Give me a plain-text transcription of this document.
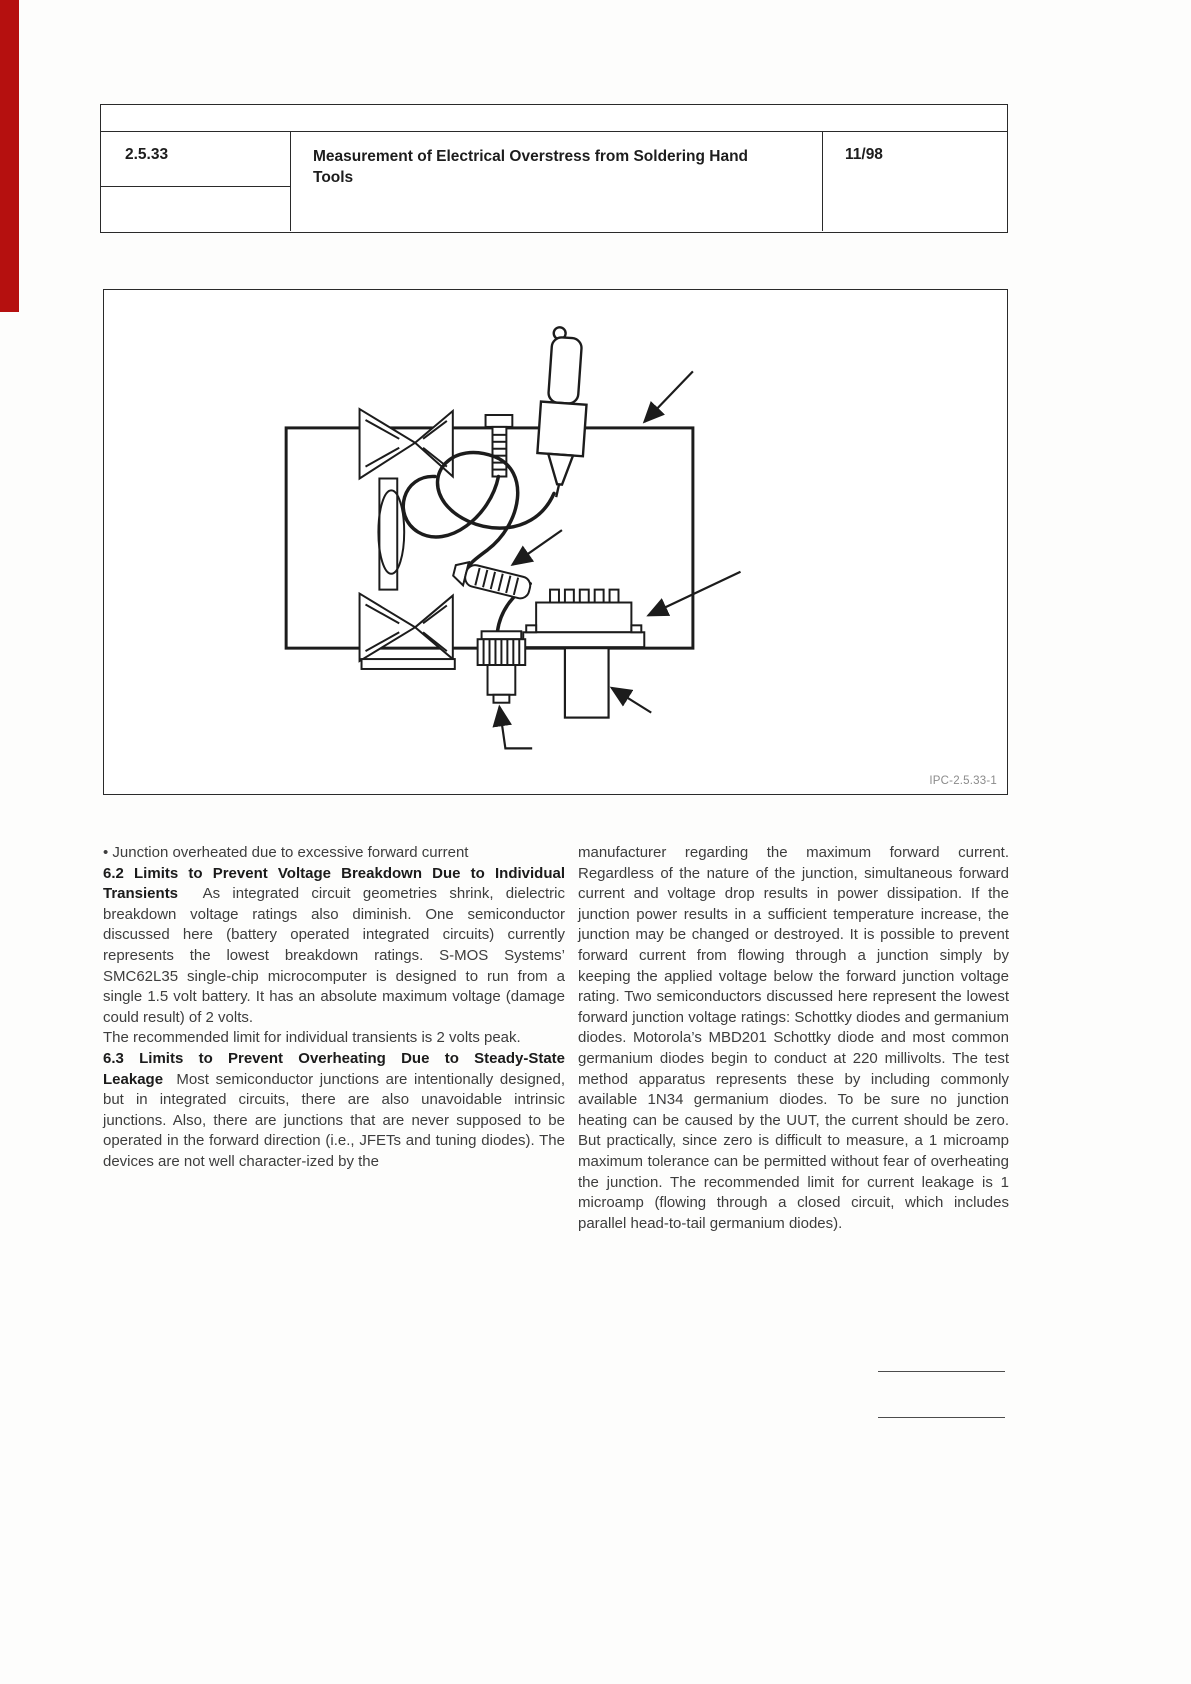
2.5.33	Measurement of Electrical Overstress from Soldering Hand Tools
11/98
IPC-2.5.33-1

• Junction overheated due to excessive forward current

6.2 Limits to Prevent Voltage Breakdown Due to Individual Transients As integrated circuit geometries shrink, dielectric breakdown voltage ratings also diminish. One semiconductor discussed here (battery operated integrated circuits) currently represents the lowest breakdown ratings. S-MOS Systems’ SMC62L35 single-chip microcomputer is designed to run from a single 1.5 volt battery. It has an absolute maximum voltage (damage could result) of 2 volts.

The recommended limit for individual transients is 2 volts peak.

6.3 Limits to Prevent Overheating Due to Steady-State Leakage Most semiconductor junctions are intentionally designed, but in integrated circuits, there are also unavoidable intrinsic junctions. Also, there are junctions that are never supposed to be operated in the forward direction (i.e., JFETs and tuning diodes). The devices are not well character-ized by the

manufacturer regarding the maximum forward current. Regardless of the nature of the junction, simultaneous forward current and voltage drop results in power dissipation. If the junction power results in a sufficient temperature increase, the junction may be changed or destroyed. It is possible to prevent forward current from flowing through a junction simply by keeping the applied voltage below the forward junction voltage rating. Two semiconductors discussed here represent the lowest forward junction voltage ratings: Schottky diodes and germanium diodes. Motorola’s MBD201 Schottky diode and most common germanium diodes begin to conduct at 220 millivolts. The test method apparatus represents these by including commonly available 1N34 germanium diodes. To be sure no junction heating can be caused by the UUT, the current should be zero. But practically, since zero is difficult to measure, a 1 microamp maximum tolerance can be permitted without fear of overheating the junction. The recommended limit for current leakage is 1 microamp (flowing through a closed circuit, which includes parallel head-to-tail germanium diodes).
